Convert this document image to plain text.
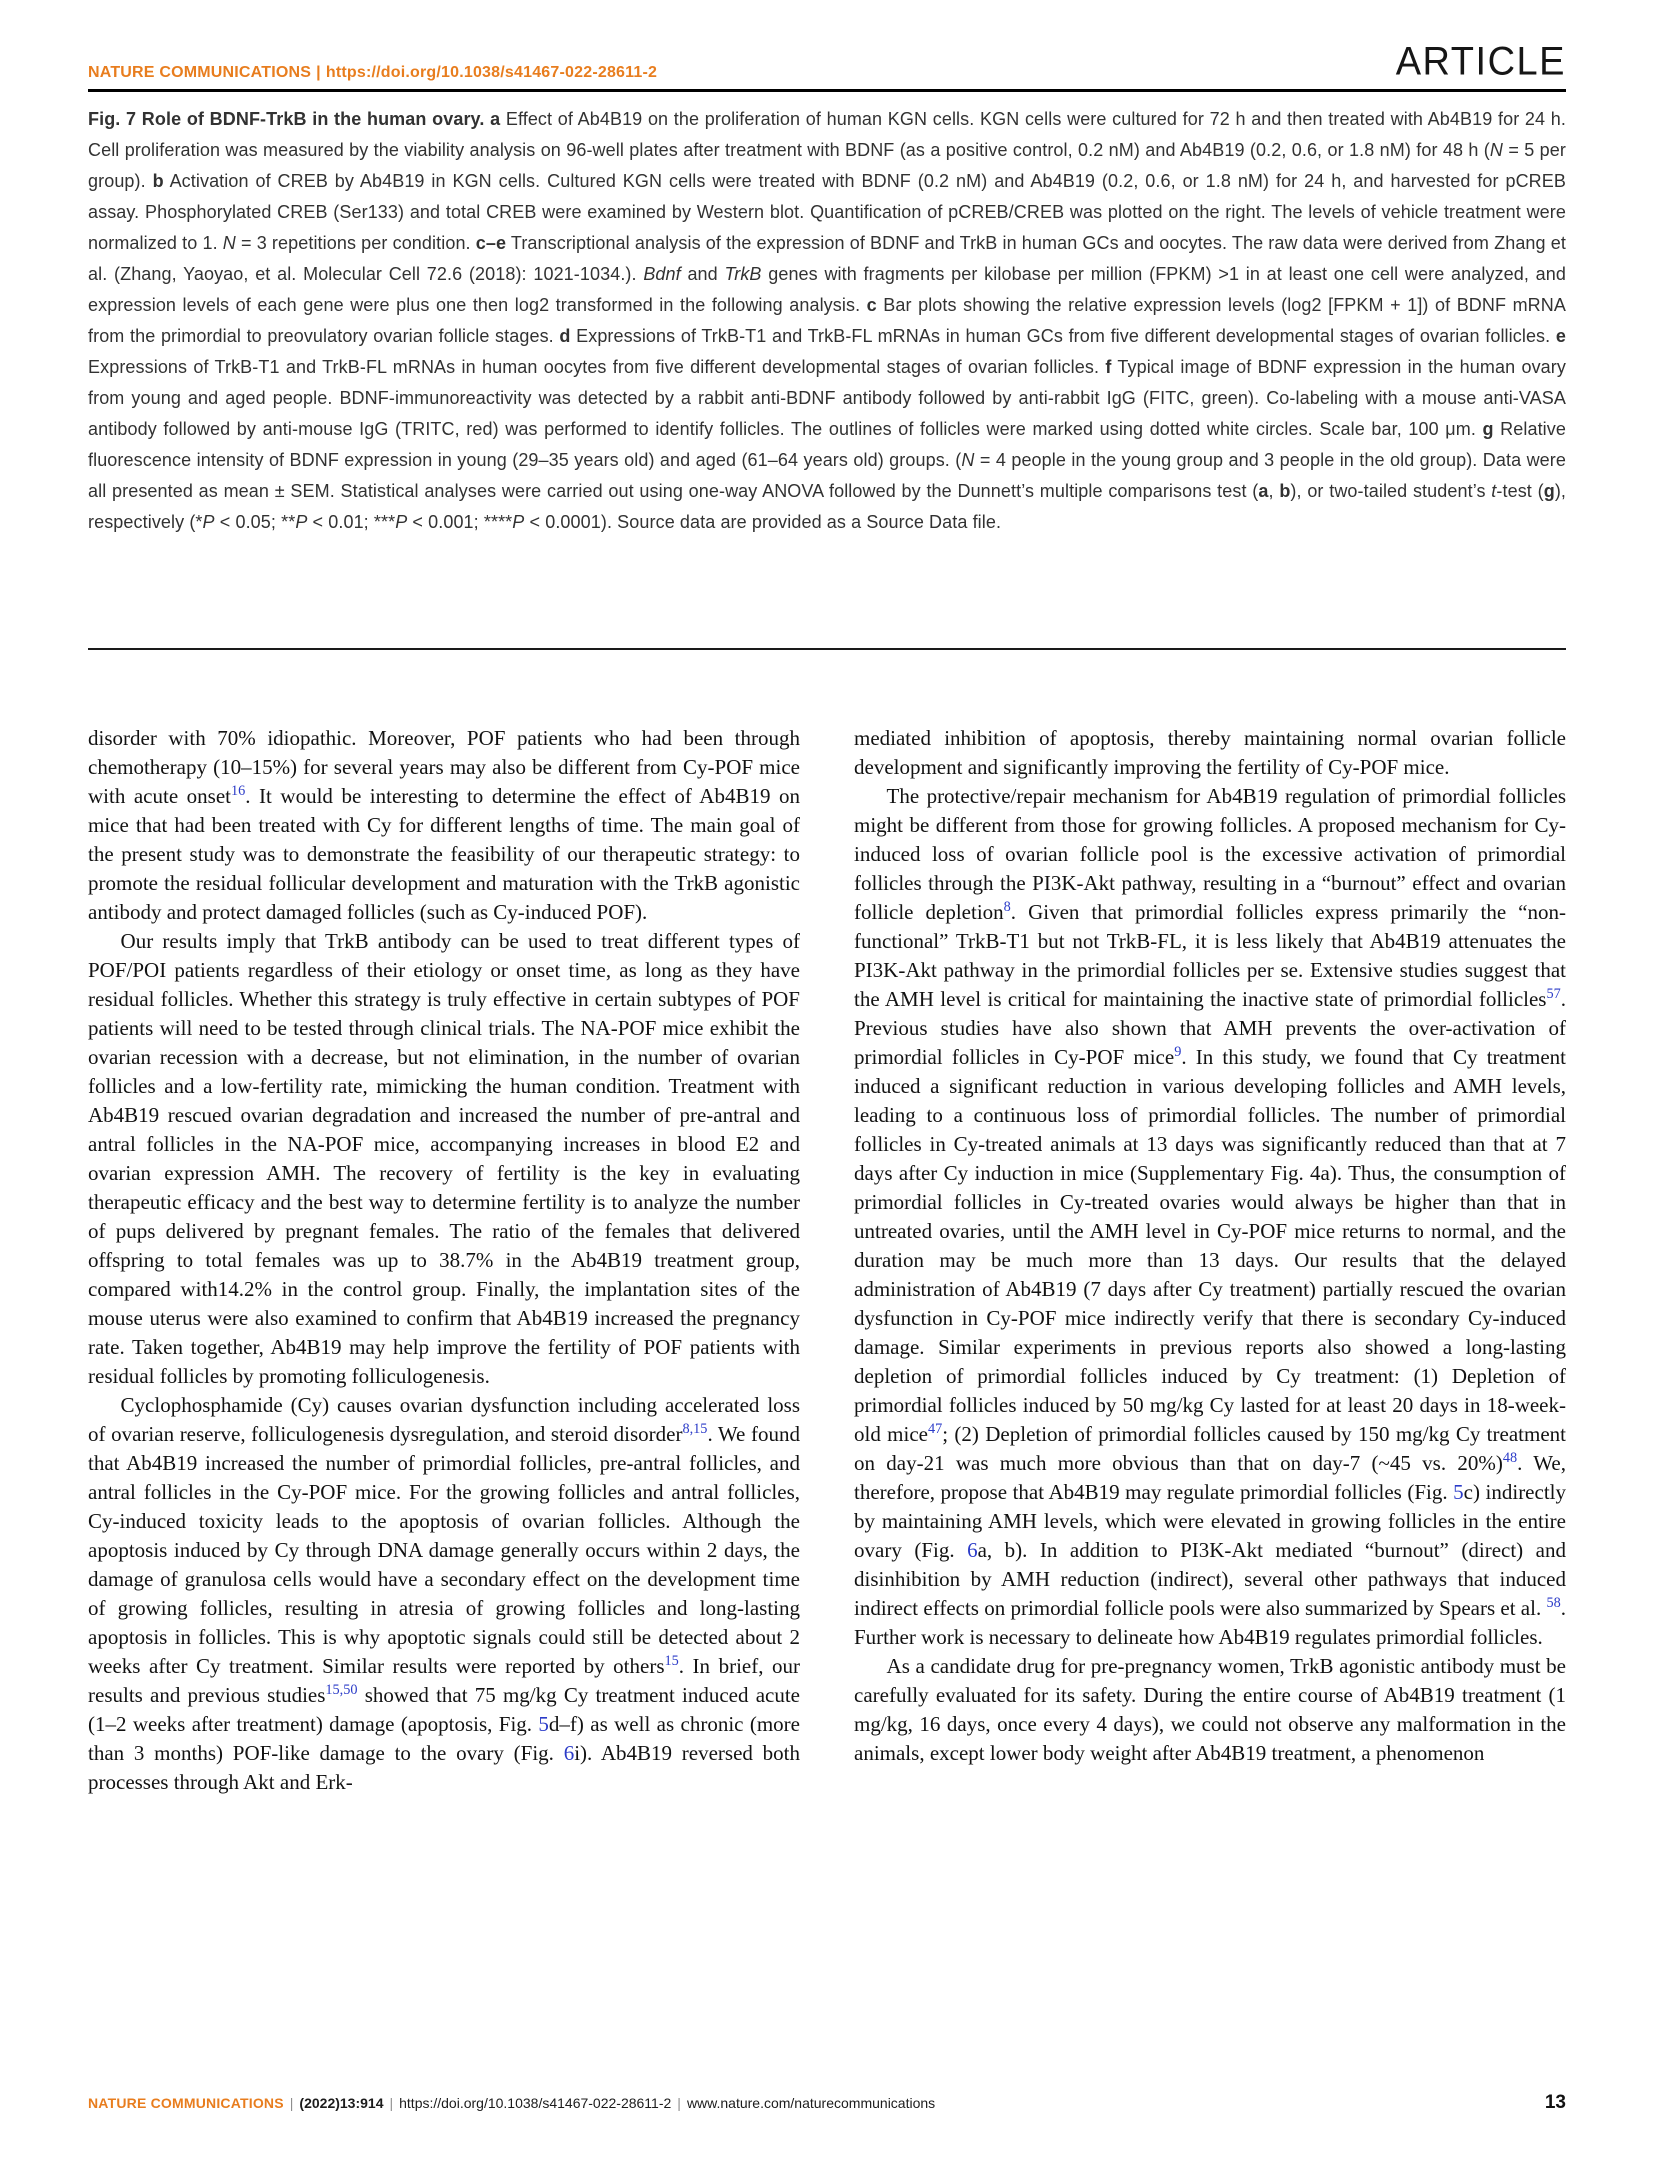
NATURE COMMUNICATIONS | https://doi.org/10.1038/s41467-022-28611-2	ARTICLE
Fig. 7 Role of BDNF-TrkB in the human ovary. a Effect of Ab4B19 on the proliferation of human KGN cells. KGN cells were cultured for 72 h and then treated with Ab4B19 for 24 h. Cell proliferation was measured by the viability analysis on 96-well plates after treatment with BDNF (as a positive control, 0.2 nM) and Ab4B19 (0.2, 0.6, or 1.8 nM) for 48 h (N = 5 per group). b Activation of CREB by Ab4B19 in KGN cells. Cultured KGN cells were treated with BDNF (0.2 nM) and Ab4B19 (0.2, 0.6, or 1.8 nM) for 24 h, and harvested for pCREB assay. Phosphorylated CREB (Ser133) and total CREB were examined by Western blot. Quantification of pCREB/CREB was plotted on the right. The levels of vehicle treatment were normalized to 1. N = 3 repetitions per condition. c–e Transcriptional analysis of the expression of BDNF and TrkB in human GCs and oocytes. The raw data were derived from Zhang et al. (Zhang, Yaoyao, et al. Molecular Cell 72.6 (2018): 1021-1034.). Bdnf and TrkB genes with fragments per kilobase per million (FPKM) >1 in at least one cell were analyzed, and expression levels of each gene were plus one then log2 transformed in the following analysis. c Bar plots showing the relative expression levels (log2 [FPKM + 1]) of BDNF mRNA from the primordial to preovulatory ovarian follicle stages. d Expressions of TrkB-T1 and TrkB-FL mRNAs in human GCs from five different developmental stages of ovarian follicles. e Expressions of TrkB-T1 and TrkB-FL mRNAs in human oocytes from five different developmental stages of ovarian follicles. f Typical image of BDNF expression in the human ovary from young and aged people. BDNF-immunoreactivity was detected by a rabbit anti-BDNF antibody followed by anti-rabbit IgG (FITC, green). Co-labeling with a mouse anti-VASA antibody followed by anti-mouse IgG (TRITC, red) was performed to identify follicles. The outlines of follicles were marked using dotted white circles. Scale bar, 100 μm. g Relative fluorescence intensity of BDNF expression in young (29–35 years old) and aged (61–64 years old) groups. (N = 4 people in the young group and 3 people in the old group). Data were all presented as mean ± SEM. Statistical analyses were carried out using one-way ANOVA followed by the Dunnett’s multiple comparisons test (a, b), or two-tailed student’s t-test (g), respectively (*P < 0.05; **P < 0.01; ***P < 0.001; ****P < 0.0001). Source data are provided as a Source Data file.

disorder with 70% idiopathic. Moreover, POF patients who had been through chemotherapy (10–15%) for several years may also be different from Cy-POF mice with acute onset$^{16}$. It would be interesting to determine the effect of Ab4B19 on mice that had been treated with Cy for different lengths of time. The main goal of the present study was to demonstrate the feasibility of our therapeutic strategy: to promote the residual follicular development and maturation with the TrkB agonistic antibody and protect damaged follicles (such as Cy-induced POF).

Our results imply that TrkB antibody can be used to treat different types of POF/POI patients regardless of their etiology or onset time, as long as they have residual follicles. Whether this strategy is truly effective in certain subtypes of POF patients will need to be tested through clinical trials. The NA-POF mice exhibit the ovarian recession with a decrease, but not elimination, in the number of ovarian follicles and a low-fertility rate, mimicking the human condition. Treatment with Ab4B19 rescued ovarian degradation and increased the number of pre-antral and antral follicles in the NA-POF mice, accompanying increases in blood E2 and ovarian expression AMH. The recovery of fertility is the key in evaluating therapeutic efficacy and the best way to determine fertility is to analyze the number of pups delivered by pregnant females. The ratio of the females that delivered offspring to total females was up to 38.7% in the Ab4B19 treatment group, compared with14.2% in the control group. Finally, the implantation sites of the mouse uterus were also examined to confirm that Ab4B19 increased the pregnancy rate. Taken together, Ab4B19 may help improve the fertility of POF patients with residual follicles by promoting folliculogenesis.

Cyclophosphamide (Cy) causes ovarian dysfunction including accelerated loss of ovarian reserve, folliculogenesis dysregulation, and steroid disorder$^{8,15}$. We found that Ab4B19 increased the number of primordial follicles, pre-antral follicles, and antral follicles in the Cy-POF mice. For the growing follicles and antral follicles, Cy-induced toxicity leads to the apoptosis of ovarian follicles. Although the apoptosis induced by Cy through DNA damage generally occurs within 2 days, the damage of granulosa cells would have a secondary effect on the development time of growing follicles, resulting in atresia of growing follicles and long-lasting apoptosis in follicles. This is why apoptotic signals could still be detected about 2 weeks after Cy treatment. Similar results were reported by others$^{15}$. In brief, our results and previous studies$^{15,50}$ showed that 75 mg/kg Cy treatment induced acute (1–2 weeks after treatment) damage (apoptosis, Fig. 5d–f) as well as chronic (more than 3 months) POF-like damage to the ovary (Fig. 6i). Ab4B19 reversed both processes through Akt and Erk-

mediated inhibition of apoptosis, thereby maintaining normal ovarian follicle development and significantly improving the fertility of Cy-POF mice.

The protective/repair mechanism for Ab4B19 regulation of primordial follicles might be different from those for growing follicles. A proposed mechanism for Cy-induced loss of ovarian follicle pool is the excessive activation of primordial follicles through the PI3K-Akt pathway, resulting in a “burnout” effect and ovarian follicle depletion$^8$. Given that primordial follicles express primarily the “non-functional” TrkB-T1 but not TrkB-FL, it is less likely that Ab4B19 attenuates the PI3K-Akt pathway in the primordial follicles per se. Extensive studies suggest that the AMH level is critical for maintaining the inactive state of primordial follicles$^{57}$. Previous studies have also shown that AMH prevents the over-activation of primordial follicles in Cy-POF mice$^9$. In this study, we found that Cy treatment induced a significant reduction in various developing follicles and AMH levels, leading to a continuous loss of primordial follicles. The number of primordial follicles in Cy-treated animals at 13 days was significantly reduced than that at 7 days after Cy induction in mice (Supplementary Fig. 4a). Thus, the consumption of primordial follicles in Cy-treated ovaries would always be higher than that in untreated ovaries, until the AMH level in Cy-POF mice returns to normal, and the duration may be much more than 13 days. Our results that the delayed administration of Ab4B19 (7 days after Cy treatment) partially rescued the ovarian dysfunction in Cy-POF mice indirectly verify that there is secondary Cy-induced damage. Similar experiments in previous reports also showed a long-lasting depletion of primordial follicles induced by Cy treatment: (1) Depletion of primordial follicles induced by 50 mg/kg Cy lasted for at least 20 days in 18-week-old mice$^{47}$; (2) Depletion of primordial follicles caused by 150 mg/kg Cy treatment on day-21 was much more obvious than that on day-7 (~45 vs. 20%)$^{48}$. We, therefore, propose that Ab4B19 may regulate primordial follicles (Fig. 5c) indirectly by maintaining AMH levels, which were elevated in growing follicles in the entire ovary (Fig. 6a, b). In addition to PI3K-Akt mediated “burnout” (direct) and disinhibition by AMH reduction (indirect), several other pathways that induced indirect effects on primordial follicle pools were also summarized by Spears et al. $^{58}$. Further work is necessary to delineate how Ab4B19 regulates primordial follicles.

As a candidate drug for pre-pregnancy women, TrkB agonistic antibody must be carefully evaluated for its safety. During the entire course of Ab4B19 treatment (1 mg/kg, 16 days, once every 4 days), we could not observe any malformation in the animals, except lower body weight after Ab4B19 treatment, a phenomenon

NATURE COMMUNICATIONS | (2022)13:914 | https://doi.org/10.1038/s41467-022-28611-2 | www.nature.com/naturecommunications	13
